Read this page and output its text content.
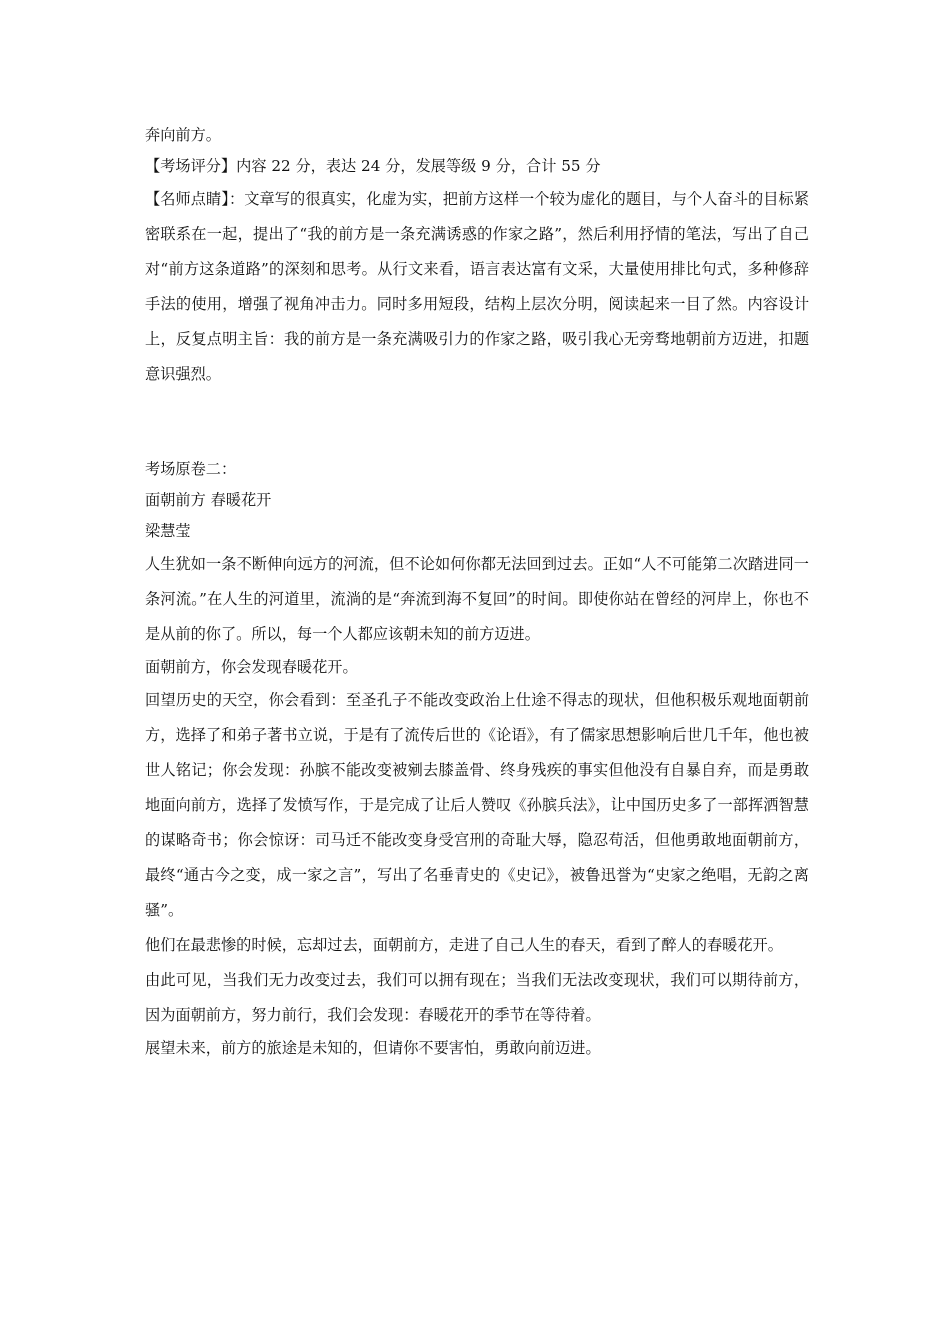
奔向前方。

【考场评分】内容 22 分，表达 24 分，发展等级 9 分，合计 55 分

【名师点睛】：文章写的很真实，化虚为实，把前方这样一个较为虚化的题目，与个人奋斗的目标紧密联系在一起，提出了“我的前方是一条充满诱惑的作家之路”，然后利用抒情的笔法，写出了自己对“前方这条道路”的深刻和思考。从行文来看，语言表达富有文采，大量使用排比句式，多种修辞手法的使用，增强了视角冲击力。同时多用短段，结构上层次分明，阅读起来一目了然。内容设计上，反复点明主旨：我的前方是一条充满吸引力的作家之路，吸引我心无旁骛地朝前方迈进，扣题意识强烈。

考场原卷二：

面朝前方 春暖花开

梁慧莹

人生犹如一条不断伸向远方的河流，但不论如何你都无法回到过去。正如“人不可能第二次踏进同一条河流。”在人生的河道里，流淌的是“奔流到海不复回”的时间。即使你站在曾经的河岸上，你也不是从前的你了。所以，每一个人都应该朝未知的前方迈进。

面朝前方，你会发现春暖花开。

回望历史的天空，你会看到：至圣孔子不能改变政治上仕途不得志的现状，但他积极乐观地面朝前方，选择了和弟子著书立说，于是有了流传后世的《论语》，有了儒家思想影响后世几千年，他也被世人铭记；你会发现：孙膑不能改变被剜去膝盖骨、终身残疾的事实但他没有自暴自弃，而是勇敢地面向前方，选择了发愤写作，于是完成了让后人赞叹《孙膑兵法》，让中国历史多了一部挥洒智慧的谋略奇书；你会惊讶：司马迁不能改变身受宫刑的奇耻大辱，隐忍苟活，但他勇敢地面朝前方，最终“通古今之变，成一家之言”，写出了名垂青史的《史记》，被鲁迅誉为“史家之绝唱，无韵之离骚”。

他们在最悲惨的时候，忘却过去，面朝前方，走进了自己人生的春天，看到了醉人的春暖花开。

由此可见，当我们无力改变过去，我们可以拥有现在；当我们无法改变现状，我们可以期待前方，因为面朝前方，努力前行，我们会发现：春暖花开的季节在等待着。

展望未来，前方的旅途是未知的，但请你不要害怕，勇敢向前迈进。
